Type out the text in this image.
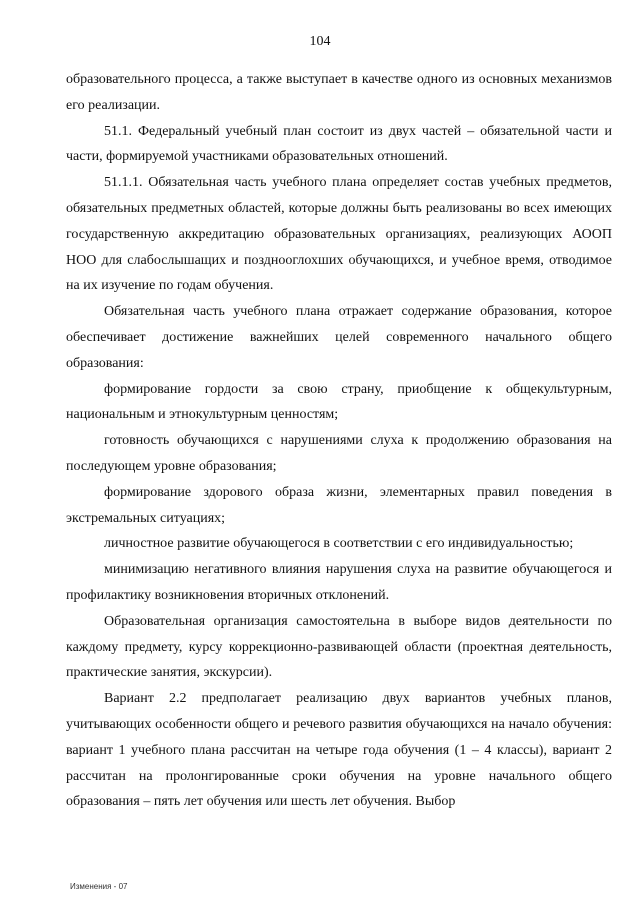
104

образовательного процесса, а также выступает в качестве одного из основных механизмов его реализации.

51.1. Федеральный учебный план состоит из двух частей – обязательной части и части, формируемой участниками образовательных отношений.

51.1.1. Обязательная часть учебного плана определяет состав учебных предметов, обязательных предметных областей, которые должны быть реализованы во всех имеющих государственную аккредитацию образовательных организациях, реализующих АООП НОО для слабослышащих и позднооглохших обучающихся, и учебное время, отводимое на их изучение по годам обучения.

Обязательная часть учебного плана отражает содержание образования, которое обеспечивает достижение важнейших целей современного начального общего образования:

формирование гордости за свою страну, приобщение к общекультурным, национальным и этнокультурным ценностям;

готовность обучающихся с нарушениями слуха к продолжению образования на последующем уровне образования;

формирование здорового образа жизни, элементарных правил поведения в экстремальных ситуациях;

личностное развитие обучающегося в соответствии с его индивидуальностью;

минимизацию негативного влияния нарушения слуха на развитие обучающегося и профилактику возникновения вторичных отклонений.

Образовательная организация самостоятельна в выборе видов деятельности по каждому предмету, курсу коррекционно-развивающей области (проектная деятельность, практические занятия, экскурсии).

Вариант 2.2 предполагает реализацию двух вариантов учебных планов, учитывающих особенности общего и речевого развития обучающихся на начало обучения: вариант 1 учебного плана рассчитан на четыре года обучения (1 – 4 классы), вариант 2 рассчитан на пролонгированные сроки обучения на уровне начального общего образования – пять лет обучения или шесть лет обучения. Выбор

Изменения - 07
